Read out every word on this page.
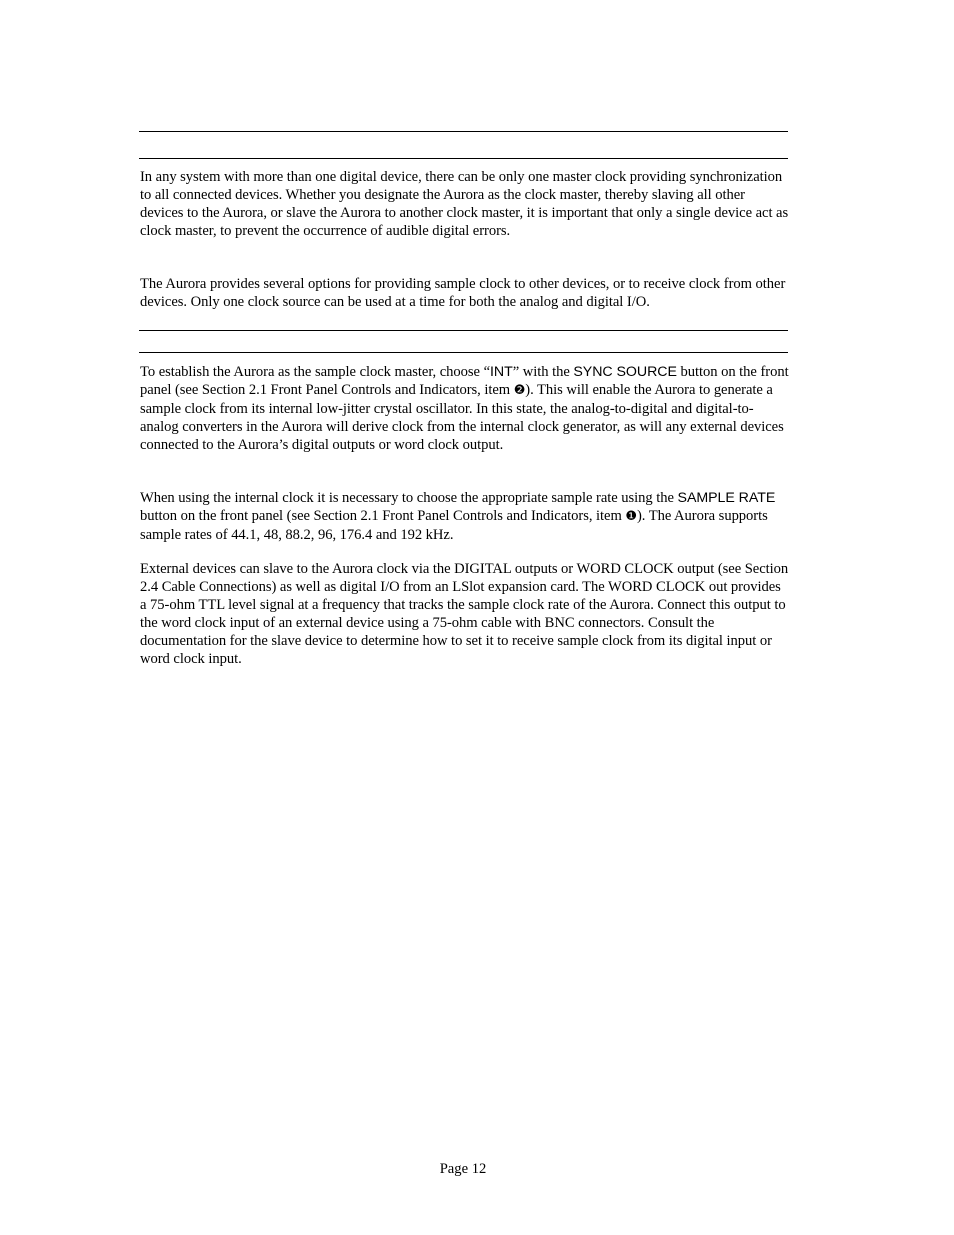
In any system with more than one digital device, there can be only one master clock providing synchronization to all connected devices. Whether you designate the Aurora as the clock master, thereby slaving all other devices to the Aurora, or slave the Aurora to another clock master, it is important that only a single device act as clock master, to prevent the occurrence of audible digital errors.

The Aurora provides several options for providing sample clock to other devices, or to receive clock from other devices. Only one clock source can be used at a time for both the analog and digital I/O.

To establish the Aurora as the sample clock master, choose “INT” with the SYNC SOURCE button on the front panel (see Section 2.1 Front Panel Controls and Indicators, item ❷). This will enable the Aurora to generate a sample clock from its internal low-jitter crystal oscillator. In this state, the analog-to-digital and digital-to-analog converters in the Aurora will derive clock from the internal clock generator, as will any external devices connected to the Aurora’s digital outputs or word clock output.

When using the internal clock it is necessary to choose the appropriate sample rate using the SAMPLE RATE button on the front panel (see Section 2.1 Front Panel Controls and Indicators, item ❶). The Aurora supports sample rates of 44.1, 48, 88.2, 96, 176.4 and 192 kHz.

External devices can slave to the Aurora clock via the DIGITAL outputs or WORD CLOCK output (see Section 2.4 Cable Connections) as well as digital I/O from an LSlot expansion card. The WORD CLOCK out provides a 75-ohm TTL level signal at a frequency that tracks the sample clock rate of the Aurora. Connect this output to the word clock input of an external device using a 75-ohm cable with BNC connectors. Consult the documentation for the slave device to determine how to set it to receive sample clock from its digital input or word clock input.

Page 12
